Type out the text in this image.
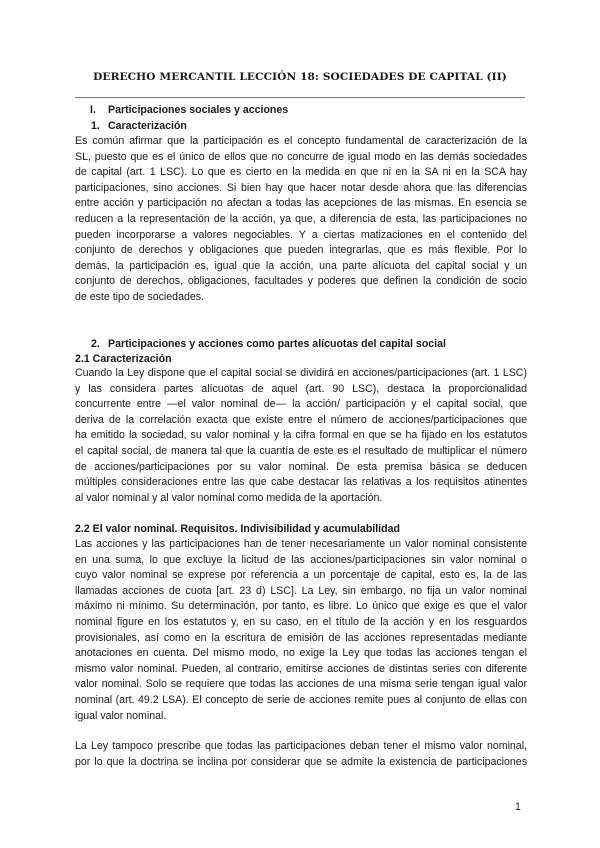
DERECHO MERCANTIL LECCIÓN 18: SOCIEDADES DE CAPITAL (II)
I. Participaciones sociales y acciones
1. Caracterización
Es común afirmar que la participación es el concepto fundamental de caracterización de la
SL, puesto que es el único de ellos que no concurre de igual modo en las demás sociedades
de capital (art. 1 LSC). Lo que es cierto en la medida en que ni en la SA ni en la SCA hay
participaciones, sino acciones. Si bien hay que hacer notar desde ahora que las diferencias
entre acción y participación no afectan a todas las acepciones de las mismas. En esencia se
reducen a la representación de la acción, ya que, a diferencia de esta, las participaciones no
pueden incorporarse a valores negociables. Y a ciertas matizaciones en el contenido del
conjunto de derechos y obligaciones que pueden integrarlas, que es más flexible. Por lo
demás, la participación es, igual que la acción, una parte alícuota del capital social y un
conjunto de derechos, obligaciones, facultades y poderes que definen la condición de socio
de este tipo de sociedades.
2. Participaciones y acciones como partes alícuotas del capital social
2.1 Caracterización
Cuando la Ley dispone que el capital social se dividirá en acciones/participaciones (art. 1 LSC)
y las considera partes alícuotas de aquel (art. 90 LSC), destaca la proporcionalidad
concurrente entre —el valor nominal de— la acción/ participación y el capital social, que
deriva de la correlación exacta que existe entre el número de acciones/participaciones que
ha emitido la sociedad, su valor nominal y la cifra formal en que se ha fijado en los estatutos
el capital social, de manera tal que la cuantía de este es el resultado de multiplicar el número
de acciones/participaciones por su valor nominal. De esta premisa básica se deducen
múltiples consideraciones entre las que cabe destacar las relativas a los requisitos atinentes
al valor nominal y al valor nominal como medida de la aportación.
2.2 El valor nominal. Requisitos. Indivisibilidad y acumulabilidad
Las acciones y las participaciones han de tener necesariamente un valor nominal consistente
en una suma, lo que excluye la licitud de las acciones/participaciones sin valor nominal o
cuyo valor nominal se exprese por referencia a un porcentaje de capital, esto es, la de las
llamadas acciones de cuota [art. 23 d) LSC]. La Ley, sin embargo, no fija un valor nominal
máximo ni mínimo. Su determinación, por tanto, es libre. Lo único que exige es que el valor
nominal figure en los estatutos y, en su caso, en el título de la acción y en los resguardos
provisionales, así como en la escritura de emisión de las acciones representadas mediante
anotaciones en cuenta. Del mismo modo, no exige la Ley que todas las acciones tengan el
mismo valor nominal. Pueden, al contrario, emitirse acciones de distintas series con diferente
valor nominal. Solo se requiere que todas las acciones de una misma serie tengan igual valor
nominal (art. 49.2 LSA). El concepto de serie de acciones remite pues al conjunto de ellas con
igual valor nominal.
La Ley tampoco prescribe que todas las participaciones deban tener el mismo valor nominal,
por lo que la doctrina se inclina por considerar que se admite la existencia de participaciones
1
